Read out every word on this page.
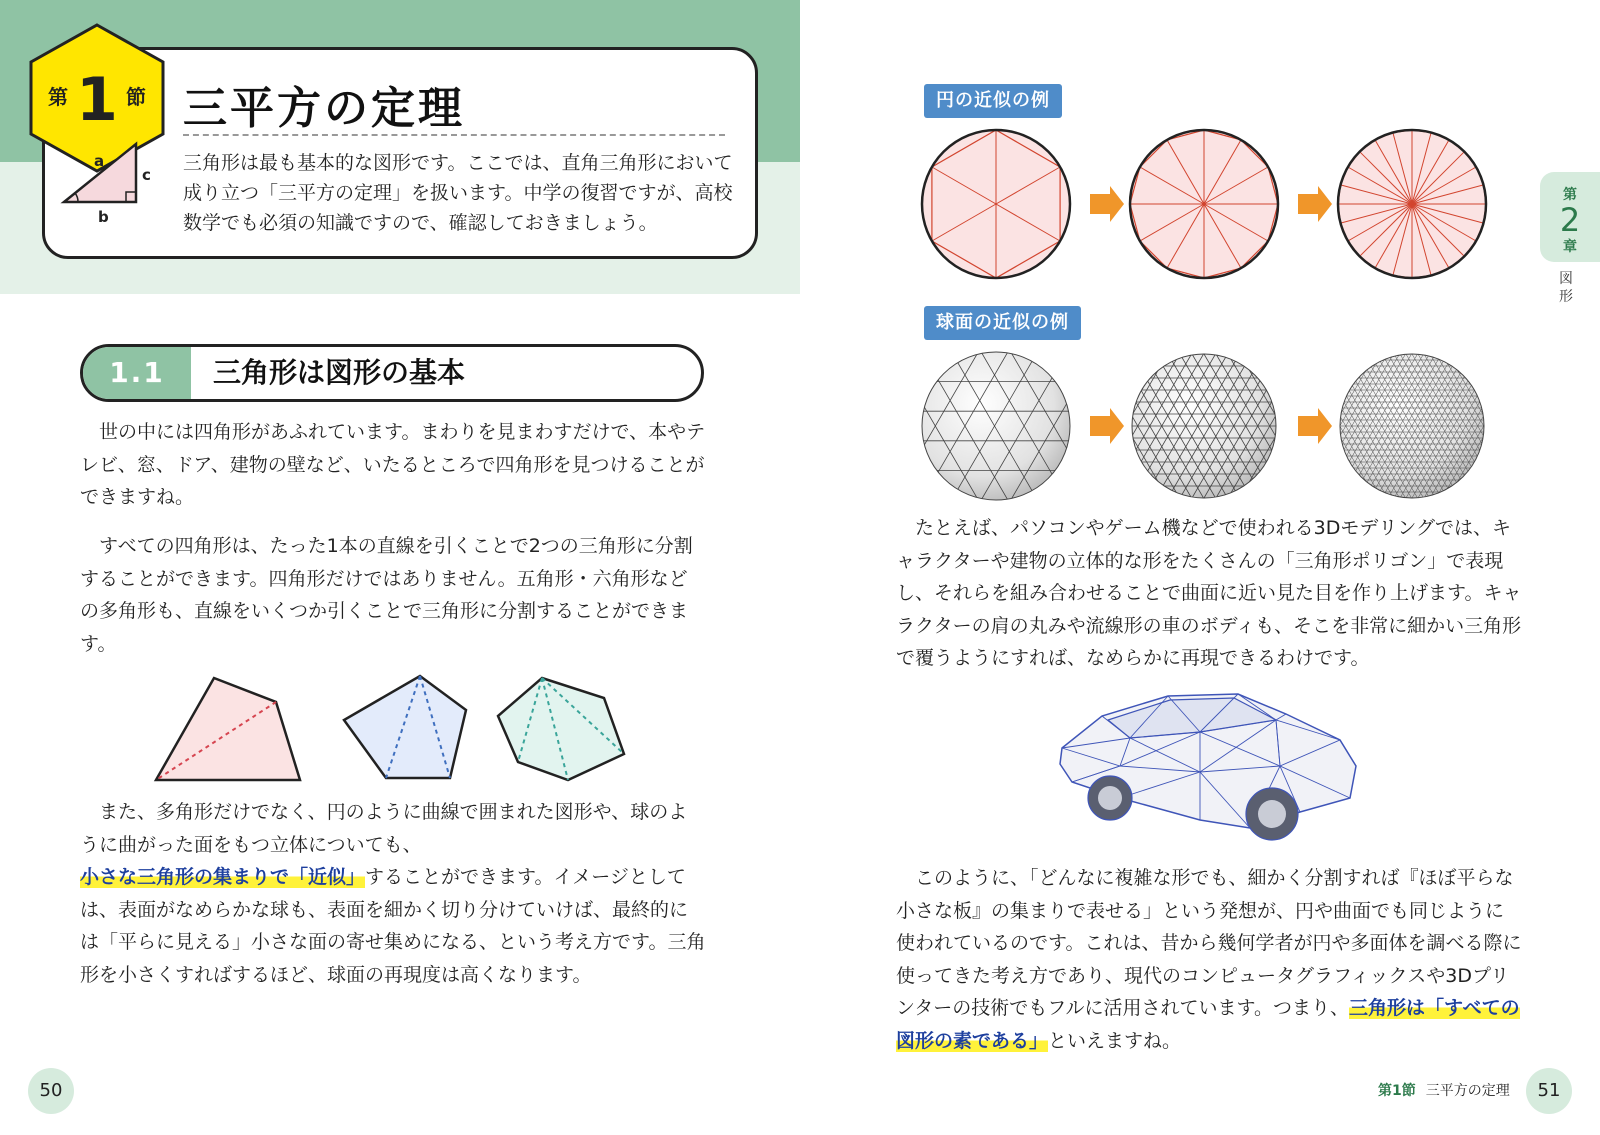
三平方の定理
三角形は最も基本的な図形です。ここでは、直角三角形において成り立つ「三平方の定理」を扱います。中学の復習ですが、高校数学でも必須の知識ですので、確認しておきましょう。
第 1 節
a
c
b
1.1	三角形は図形の基本
世の中には四角形があふれています。まわりを見まわすだけで、本やテレビ、窓、ドア、建物の壁など、いたるところで四角形を見つけることができますね。
すべての四角形は、たった1本の直線を引くことで2つの三角形に分割することができます。四角形だけではありません。五角形・六角形などの多角形も、直線をいくつか引くことで三角形に分割することができます。
また、多角形だけでなく、円のように曲線で囲まれた図形や、球のように曲がった面をもつ立体についても、小さな三角形の集まりで「近似」することができます。イメージとしては、表面がなめらかな球も、表面を細かく切り分けていけば、最終的には「平らに見える」小さな面の寄せ集めになる、という考え方です。三角形を小さくすればするほど、球面の再現度は高くなります。
50
円の近似の例
球面の近似の例
たとえば、パソコンやゲーム機などで使われる3Dモデリングでは、キャラクターや建物の立体的な形をたくさんの「三角形ポリゴン」で表現し、それらを組み合わせることで曲面に近い見た目を作り上げます。キャラクターの肩の丸みや流線形の車のボディも、そこを非常に細かい三角形で覆うようにすれば、なめらかに再現できるわけです。
このように、「どんなに複雑な形でも、細かく分割すれば『ほぼ平らな小さな板』の集まりで表せる」という発想が、円や曲面でも同じように使われているのです。これは、昔から幾何学者が円や多面体を調べる際に使ってきた考え方であり、現代のコンピュータグラフィックスや3Dプリンターの技術でもフルに活用されています。つまり、三角形は「すべての図形の素である」といえますね。
第
2
章
図形
第1節 三平方の定理	51
